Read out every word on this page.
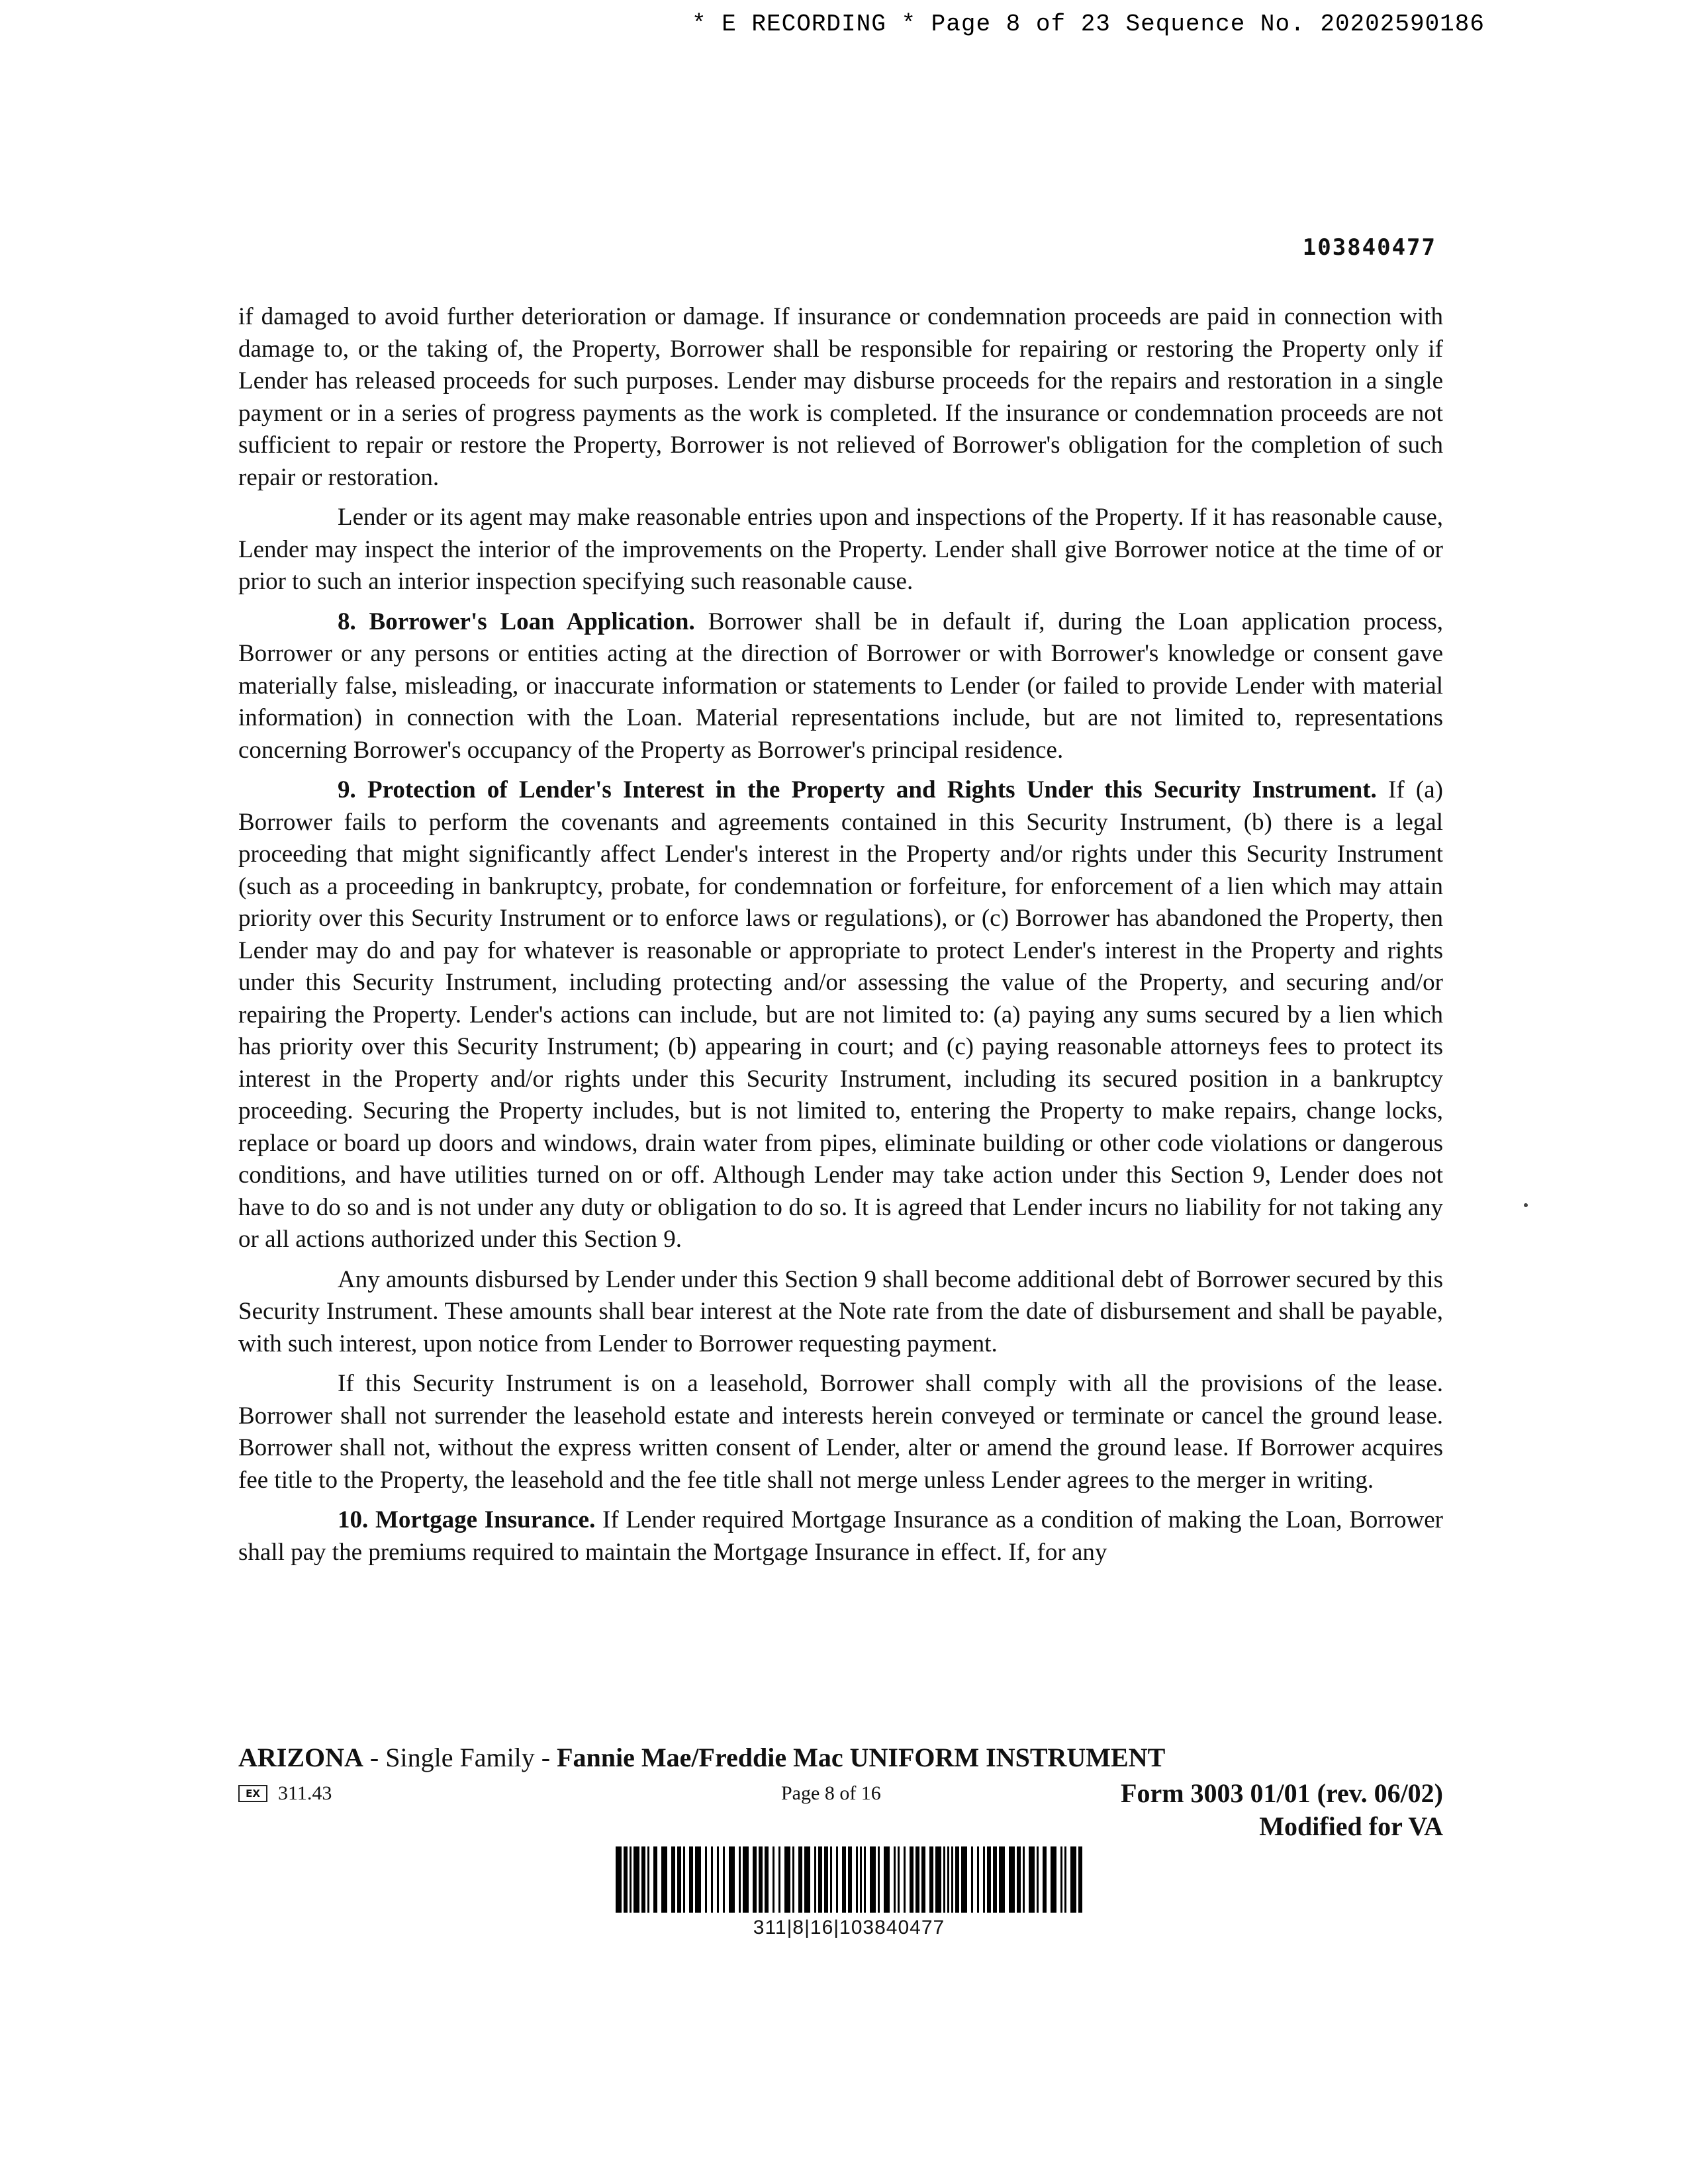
* E RECORDING * Page 8 of 23 Sequence No. 20202590186
103840477

if damaged to avoid further deterioration or damage. If insurance or condemnation proceeds are paid in connection with damage to, or the taking of, the Property, Borrower shall be responsible for repairing or restoring the Property only if Lender has released proceeds for such purposes. Lender may disburse proceeds for the repairs and restoration in a single payment or in a series of progress payments as the work is completed. If the insurance or condemnation proceeds are not sufficient to repair or restore the Property, Borrower is not relieved of Borrower's obligation for the completion of such repair or restoration.

Lender or its agent may make reasonable entries upon and inspections of the Property. If it has reasonable cause, Lender may inspect the interior of the improvements on the Property. Lender shall give Borrower notice at the time of or prior to such an interior inspection specifying such reasonable cause.

8. Borrower's Loan Application. Borrower shall be in default if, during the Loan application process, Borrower or any persons or entities acting at the direction of Borrower or with Borrower's knowledge or consent gave materially false, misleading, or inaccurate information or statements to Lender (or failed to provide Lender with material information) in connection with the Loan. Material representations include, but are not limited to, representations concerning Borrower's occupancy of the Property as Borrower's principal residence.

9. Protection of Lender's Interest in the Property and Rights Under this Security Instrument. If (a) Borrower fails to perform the covenants and agreements contained in this Security Instrument, (b) there is a legal proceeding that might significantly affect Lender's interest in the Property and/or rights under this Security Instrument (such as a proceeding in bankruptcy, probate, for condemnation or forfeiture, for enforcement of a lien which may attain priority over this Security Instrument or to enforce laws or regulations), or (c) Borrower has abandoned the Property, then Lender may do and pay for whatever is reasonable or appropriate to protect Lender's interest in the Property and rights under this Security Instrument, including protecting and/or assessing the value of the Property, and securing and/or repairing the Property. Lender's actions can include, but are not limited to: (a) paying any sums secured by a lien which has priority over this Security Instrument; (b) appearing in court; and (c) paying reasonable attorneys fees to protect its interest in the Property and/or rights under this Security Instrument, including its secured position in a bankruptcy proceeding. Securing the Property includes, but is not limited to, entering the Property to make repairs, change locks, replace or board up doors and windows, drain water from pipes, eliminate building or other code violations or dangerous conditions, and have utilities turned on or off. Although Lender may take action under this Section 9, Lender does not have to do so and is not under any duty or obligation to do so. It is agreed that Lender incurs no liability for not taking any or all actions authorized under this Section 9.

Any amounts disbursed by Lender under this Section 9 shall become additional debt of Borrower secured by this Security Instrument. These amounts shall bear interest at the Note rate from the date of disbursement and shall be payable, with such interest, upon notice from Lender to Borrower requesting payment.

If this Security Instrument is on a leasehold, Borrower shall comply with all the provisions of the lease. Borrower shall not surrender the leasehold estate and interests herein conveyed or terminate or cancel the ground lease. Borrower shall not, without the express written consent of Lender, alter or amend the ground lease. If Borrower acquires fee title to the Property, the leasehold and the fee title shall not merge unless Lender agrees to the merger in writing.

10. Mortgage Insurance. If Lender required Mortgage Insurance as a condition of making the Loan, Borrower shall pay the premiums required to maintain the Mortgage Insurance in effect. If, for any

ARIZONA - Single Family - Fannie Mae/Freddie Mac UNIFORM INSTRUMENT
EX 311.43	Page 8 of 16	Form 3003 01/01 (rev. 06/02)
Modified for VA
311|8|16|103840477
